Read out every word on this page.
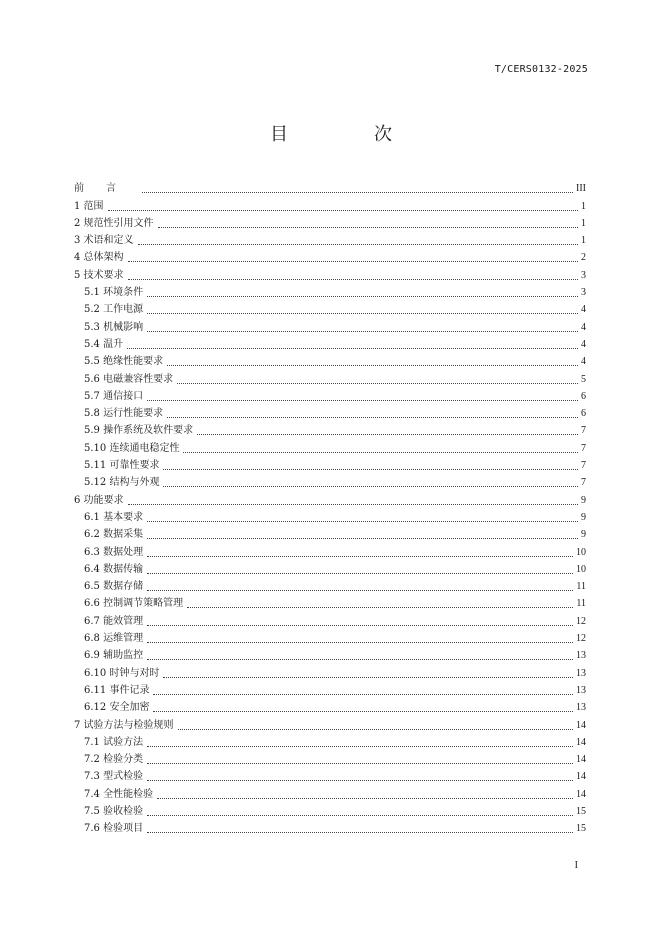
T/CERS0132-2025
目　次
前言	III
1 范围	1
2 规范性引用文件	1
3 术语和定义	1
4 总体架构	2
5 技术要求	3
5.1 环境条件	3
5.2 工作电源	4
5.3 机械影响	4
5.4 温升	4
5.5 绝缘性能要求	4
5.6 电磁兼容性要求	5
5.7 通信接口	6
5.8 运行性能要求	6
5.9 操作系统及软件要求	7
5.10 连续通电稳定性	7
5.11 可靠性要求	7
5.12 结构与外观	7
6 功能要求	9
6.1 基本要求	9
6.2 数据采集	9
6.3 数据处理	10
6.4 数据传输	10
6.5 数据存储	11
6.6 控制调节策略管理	11
6.7 能效管理	12
6.8 运维管理	12
6.9 辅助监控	13
6.10 时钟与对时	13
6.11 事件记录	13
6.12 安全加密	13
7 试验方法与检验规则	14
7.1 试验方法	14
7.2 检验分类	14
7.3 型式检验	14
7.4 全性能检验	14
7.5 验收检验	15
7.6 检验项目	15
I
